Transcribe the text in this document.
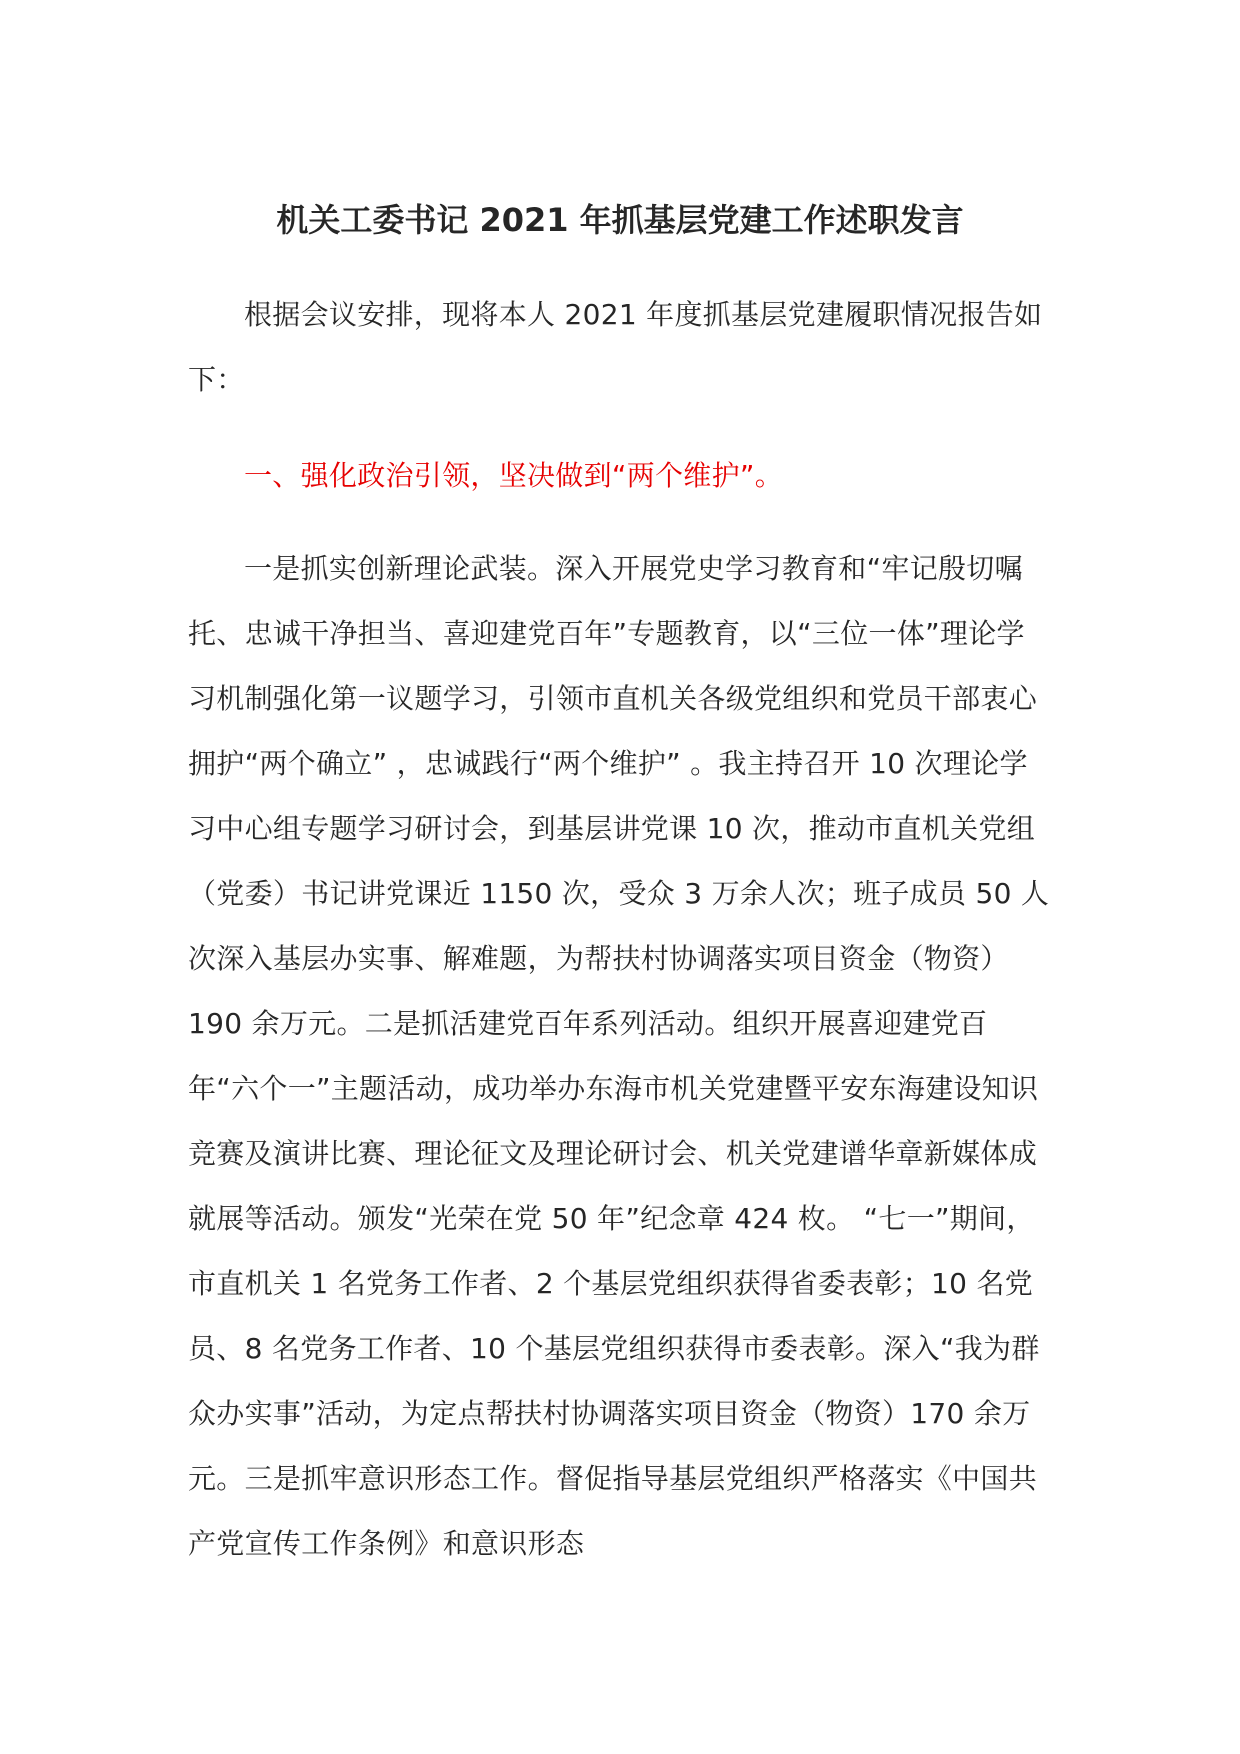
机关工委书记 2021 年抓基层党建工作述职发言

根据会议安排，现将本人 2021 年度抓基层党建履职情况报告如下：

一、强化政治引领，坚决做到“两个维护”。

一是抓实创新理论武装。深入开展党史学习教育和“牢记殷切嘱托、忠诚干净担当、喜迎建党百年”专题教育，以“三位一体”理论学习机制强化第一议题学习，引领市直机关各级党组织和党员干部衷心拥护“两个确立” ，忠诚践行“两个维护” 。我主持召开 10 次理论学习中心组专题学习研讨会，到基层讲党课 10 次，推动市直机关党组（党委）书记讲党课近 1150 次，受众 3 万余人次；班子成员 50 人次深入基层办实事、解难题，为帮扶村协调落实项目资金（物资）190 余万元。二是抓活建党百年系列活动。组织开展喜迎建党百年“六个一”主题活动，成功举办东海市机关党建暨平安东海建设知识竞赛及演讲比赛、理论征文及理论研讨会、机关党建谱华章新媒体成就展等活动。颁发“光荣在党 50 年”纪念章 424 枚。 “七一”期间，市直机关 1 名党务工作者、2 个基层党组织获得省委表彰；10 名党员、8 名党务工作者、10 个基层党组织获得市委表彰。深入“我为群众办实事”活动，为定点帮扶村协调落实项目资金（物资）170 余万元。三是抓牢意识形态工作。督促指导基层党组织严格落实《中国共产党宣传工作条例》和意识形态
